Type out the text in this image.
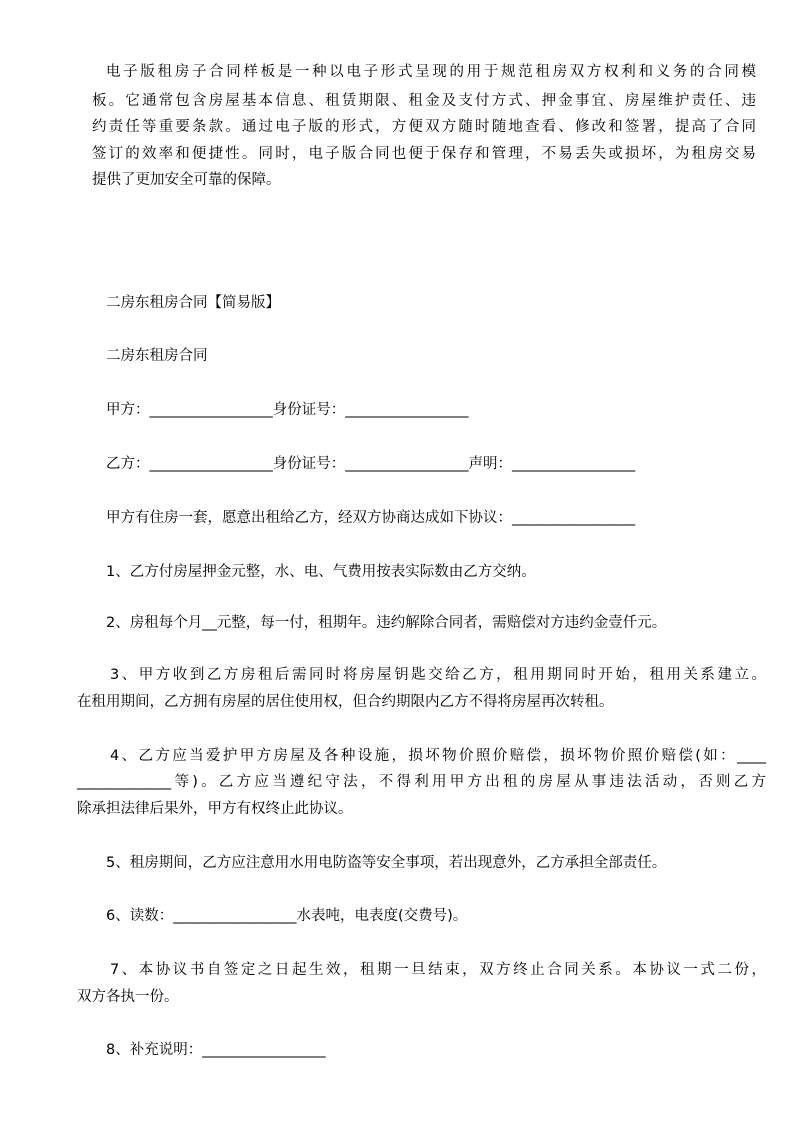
电子版租房子合同样板是一种以电子形式呈现的用于规范租房双方权利和义务的合同模
板。它通常包含房屋基本信息、租赁期限、租金及支付方式、押金事宜、房屋维护责任、违
约责任等重要条款。通过电子版的形式，方便双方随时随地查看、修改和签署，提高了合同
签订的效率和便捷性。同时，电子版合同也便于保存和管理，不易丢失或损坏，为租房交易
提供了更加安全可靠的保障。
二房东租房合同【简易版】
二房东租房合同
甲方：_________________身份证号：_________________
乙方：_________________身份证号：_________________声明：_________________
甲方有住房一套，愿意出租给乙方，经双方协商达成如下协议：_________________
1、乙方付房屋押金元整，水、电、气费用按表实际数由乙方交纳。
2、房租每个月__元整，每一付，租期年。违约解除合同者，需赔偿对方违约金壹仟元。
3、甲方收到乙方房租后需同时将房屋钥匙交给乙方，租用期同时开始，租用关系建立。
在租用期间，乙方拥有房屋的居住使用权，但合约期限内乙方不得将房屋再次转租。
4、乙方应当爱护甲方房屋及各种设施，损坏物价照价赔偿，损坏物价照价赔偿(如：____
_____________等)。乙方应当遵纪守法，不得利用甲方出租的房屋从事违法活动，否则乙方
除承担法律后果外，甲方有权终止此协议。
5、租房期间，乙方应注意用水用电防盗等安全事项，若出现意外，乙方承担全部责任。
6、读数：_________________水表吨，电表度(交费号)。
7、本协议书自签定之日起生效，租期一旦结束，双方终止合同关系。本协议一式二份，
双方各执一份。
8、补充说明：_________________
